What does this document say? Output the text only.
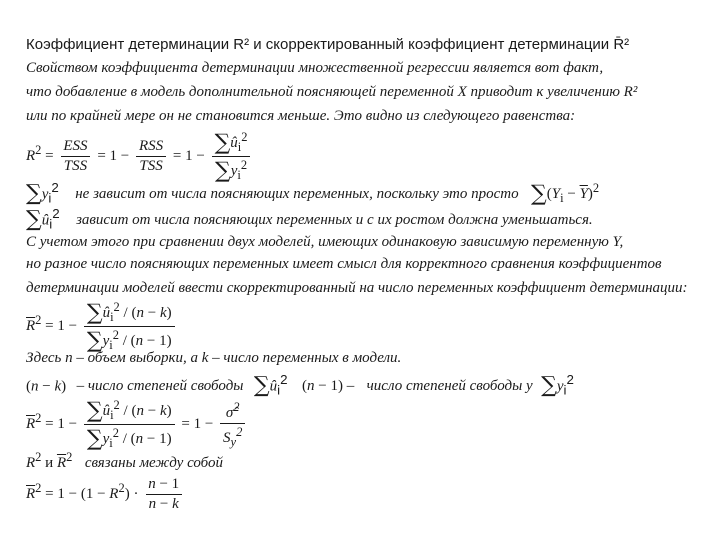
Коэффициент детерминации R² и скорректированный коэффициент детерминации R̄²
Свойством коэффициента детерминации множественной регрессии является вот факт,
что добавление в модель дополнительной поясняющей переменной X приводит к увеличению R²
или по крайней мере он не становится меньше. Это видно из следующего равенства:
$R^2 = \frac{\text{ESS}}{\text{TSS}} = 1 - \frac{\text{RSS}}{\text{TSS}} = 1 - \frac{\sum û_i^2}{\sum y_i^2}$
$\sum y_i^2$ не зависит от числа поясняющих переменных, поскольку это просто $\sum(Y_i - \overline{Y})^2$
$\sum û_i^2$ зависит от числа поясняющих переменных и с их ростом должна уменьшаться.
С учетом этого при сравнении двух моделей, имеющих одинаковую зависимую переменную Y,
но разное число поясняющих переменных имеет смысл для корректного сравнения коэффициентов
детерминации моделей ввести скорректированный на число переменных коэффициент детерминации:
$\overline{R}^2 = 1 - \frac{\sum û_i^2 / (n - k)}{\sum y_i^2 / (n - 1)}$
Здесь n – объем выборки, а k – число переменных в модели.
(n − k) – число степеней свободы $\sum û_i^2$ (n − 1) – число степеней свободы y $\sum y_i^2$
$\overline{R}^2 = 1 - \frac{\sum û_i^2 / (n - k)}{\sum y_i^2 / (n - 1)} = 1 - \frac{\sigmâ^2}{S_y^2}$
$R^2$ и $\overline{R}^2$ связаны между собой
$\overline{R}^2 = 1 - (1 - R^2) \cdot \frac{n - 1}{n - k}$
